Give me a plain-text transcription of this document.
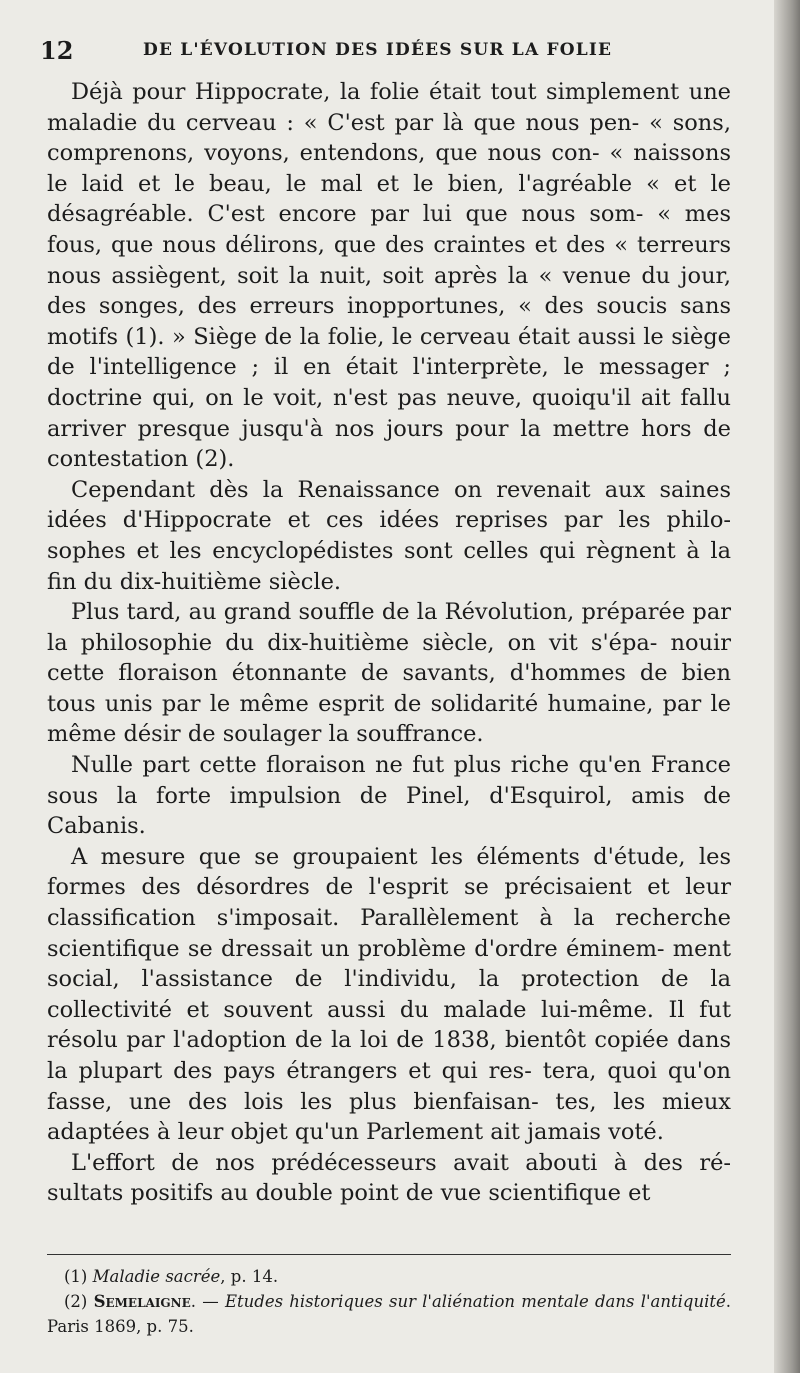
12	DE L'ÉVOLUTION DES IDÉES SUR LA FOLIE

Déjà pour Hippocrate, la folie était tout simplement une maladie du cerveau : « C'est par là que nous pen- « sons, comprenons, voyons, entendons, que nous con- « naissons le laid et le beau, le mal et le bien, l'agréable « et le désagréable. C'est encore par lui que nous som- « mes fous, que nous délirons, que des craintes et des « terreurs nous assiègent, soit la nuit, soit après la « venue du jour, des songes, des erreurs inopportunes, « des soucis sans motifs (1). » Siège de la folie, le cerveau était aussi le siège de l'intelligence ; il en était l'interprète, le messager ; doctrine qui, on le voit, n'est pas neuve, quoiqu'il ait fallu arriver presque jusqu'à nos jours pour la mettre hors de contestation (2).

Cependant dès la Renaissance on revenait aux saines idées d'Hippocrate et ces idées reprises par les philo- sophes et les encyclopédistes sont celles qui règnent à la fin du dix-huitième siècle.

Plus tard, au grand souffle de la Révolution, préparée par la philosophie du dix-huitième siècle, on vit s'épa- nouir cette floraison étonnante de savants, d'hommes de bien tous unis par le même esprit de solidarité humaine, par le même désir de soulager la souffrance.

Nulle part cette floraison ne fut plus riche qu'en France sous la forte impulsion de Pinel, d'Esquirol, amis de Cabanis.

A mesure que se groupaient les éléments d'étude, les formes des désordres de l'esprit se précisaient et leur classification s'imposait. Parallèlement à la recherche scientifique se dressait un problème d'ordre éminem- ment social, l'assistance de l'individu, la protection de la collectivité et souvent aussi du malade lui-même. Il fut résolu par l'adoption de la loi de 1838, bientôt copiée dans la plupart des pays étrangers et qui res- tera, quoi qu'on fasse, une des lois les plus bienfaisan- tes, les mieux adaptées à leur objet qu'un Parlement ait jamais voté.

L'effort de nos prédécesseurs avait abouti à des ré- sultats positifs au double point de vue scientifique et

(1) Maladie sacrée, p. 14.

(2) Semelaigne. — Etudes historiques sur l'aliénation mentale dans l'antiquité. Paris 1869, p. 75.
